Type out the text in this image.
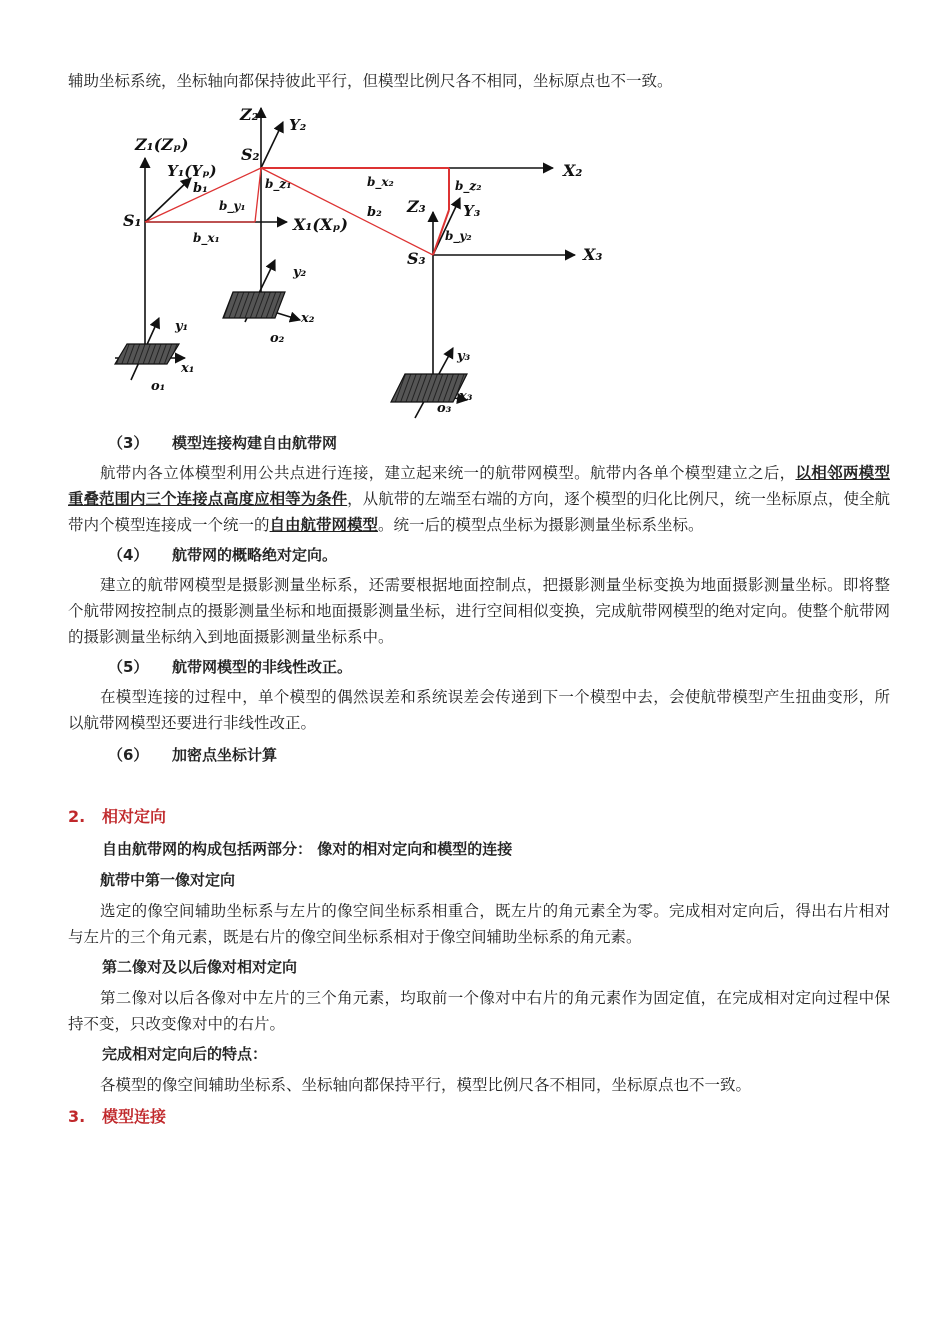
辅助坐标系统，坐标轴向都保持彼此平行，但模型比例尺各不相同，坐标原点也不一致。
Z₁(Zₚ)
Y₁(Yₚ)
S₁	X₁(Xₚ)
Z₂
Y₂
S₂
X₂
Z₃ Y₃
S₃	X₃
b₁
b_y₁
b_x₁
b_z₁
b₂
b_x₂	b_z₂
b_y₂
y₁
x₁
o₁
y₂
x₂
o₂
y₃
x₃
o₃
（3） 模型连接构建自由航带网
航带内各立体模型利用公共点进行连接，建立起来统一的航带网模型。航带内各单个模型建立之后，以相邻两模型重叠范围内三个连接点高度应相等为条件，从航带的左端至右端的方向，逐个模型的归化比例尺，统一坐标原点，使全航带内个模型连接成一个统一的自由航带网模型。统一后的模型点坐标为摄影测量坐标系坐标。
（4） 航带网的概略绝对定向。
建立的航带网模型是摄影测量坐标系，还需要根据地面控制点，把摄影测量坐标变换为地面摄影测量坐标。即将整个航带网按控制点的摄影测量坐标和地面摄影测量坐标，进行空间相似变换，完成航带网模型的绝对定向。使整个航带网的摄影测量坐标纳入到地面摄影测量坐标系中。
（5） 航带网模型的非线性改正。
在模型连接的过程中，单个模型的偶然误差和系统误差会传递到下一个模型中去，会使航带模型产生扭曲变形，所以航带网模型还要进行非线性改正。
（6） 加密点坐标计算
2. 相对定向
自由航带网的构成包括两部分： 像对的相对定向和模型的连接
航带中第一像对定向
选定的像空间辅助坐标系与左片的像空间坐标系相重合，既左片的角元素全为零。完成相对定向后，得出右片相对与左片的三个角元素，既是右片的像空间坐标系相对于像空间辅助坐标系的角元素。
第二像对及以后像对相对定向
第二像对以后各像对中左片的三个角元素，均取前一个像对中右片的角元素作为固定值，在完成相对定向过程中保持不变，只改变像对中的右片。
完成相对定向后的特点：
各模型的像空间辅助坐标系、坐标轴向都保持平行，模型比例尺各不相同，坐标原点也不一致。
3. 模型连接
